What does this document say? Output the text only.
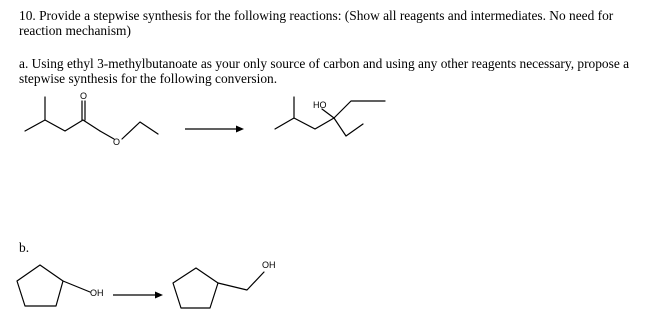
10. Provide a stepwise synthesis for the following reactions: (Show all reagents and intermediates. No need for reaction mechanism)

a. Using ethyl 3-methylbutanoate as your only source of carbon and using any other reagents necessary, propose a stepwise synthesis for the following conversion.

b.

O
O
HO
OH
OH
